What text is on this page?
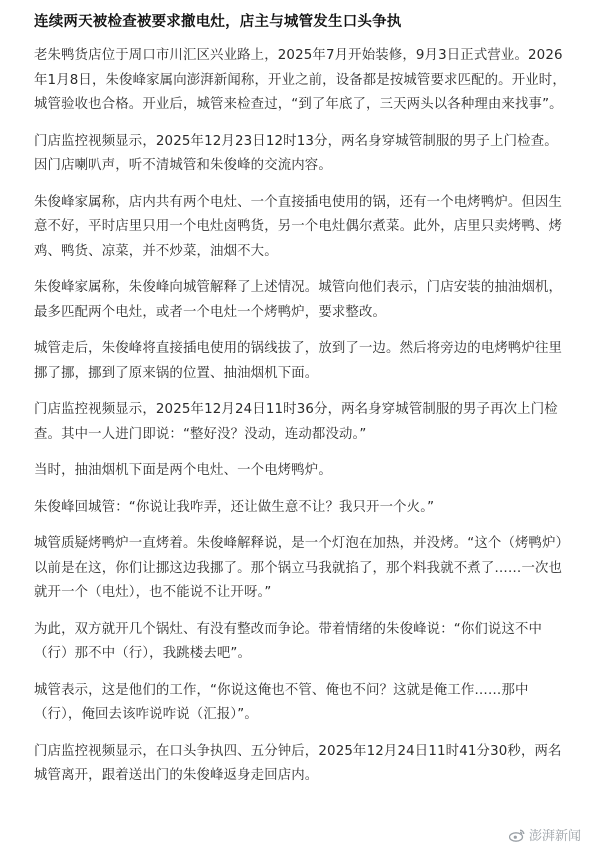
连续两天被检查被要求撤电灶，店主与城管发生口头争执
老朱鸭货店位于周口市川汇区兴业路上，2025年7月开始装修，9月3日正式营业。2026年1月8日，朱俊峰家属向澎湃新闻称，开业之前，设备都是按城管要求匹配的。开业时，城管验收也合格。开业后，城管来检查过，“到了年底了，三天两头以各种理由来找事”。
门店监控视频显示，2025年12月23日12时13分，两名身穿城管制服的男子上门检查。因门店喇叭声，听不清城管和朱俊峰的交流内容。
朱俊峰家属称，店内共有两个电灶、一个直接插电使用的锅，还有一个电烤鸭炉。但因生意不好，平时店里只用一个电灶卤鸭货，另一个电灶偶尔煮菜。此外，店里只卖烤鸭、烤鸡、鸭货、凉菜，并不炒菜，油烟不大。
朱俊峰家属称，朱俊峰向城管解释了上述情况。城管向他们表示，门店安装的抽油烟机，最多匹配两个电灶，或者一个电灶一个烤鸭炉，要求整改。
城管走后，朱俊峰将直接插电使用的锅线拔了，放到了一边。然后将旁边的电烤鸭炉往里挪了挪，挪到了原来锅的位置、抽油烟机下面。
门店监控视频显示，2025年12月24日11时36分，两名身穿城管制服的男子再次上门检查。其中一人进门即说：“整好没？没动，连动都没动。”
当时，抽油烟机下面是两个电灶、一个电烤鸭炉。
朱俊峰回城管：“你说让我咋弄，还让做生意不让？我只开一个火。”
城管质疑烤鸭炉一直烤着。朱俊峰解释说，是一个灯泡在加热，并没烤。“这个（烤鸭炉）以前是在这，你们让挪这边我挪了。那个锅立马我就掐了，那个料我就不煮了……一次也就开一个（电灶），也不能说不让开呀。”
为此，双方就开几个锅灶、有没有整改而争论。带着情绪的朱俊峰说：“你们说这不中（行）那不中（行），我跳楼去吧”。
城管表示，这是他们的工作，“你说这俺也不管、俺也不问？这就是俺工作……那中（行），俺回去该咋说咋说（汇报）”。
门店监控视频显示，在口头争执四、五分钟后，2025年12月24日11时41分30秒，两名城管离开，跟着送出门的朱俊峰返身走回店内。
澎湃新闻
